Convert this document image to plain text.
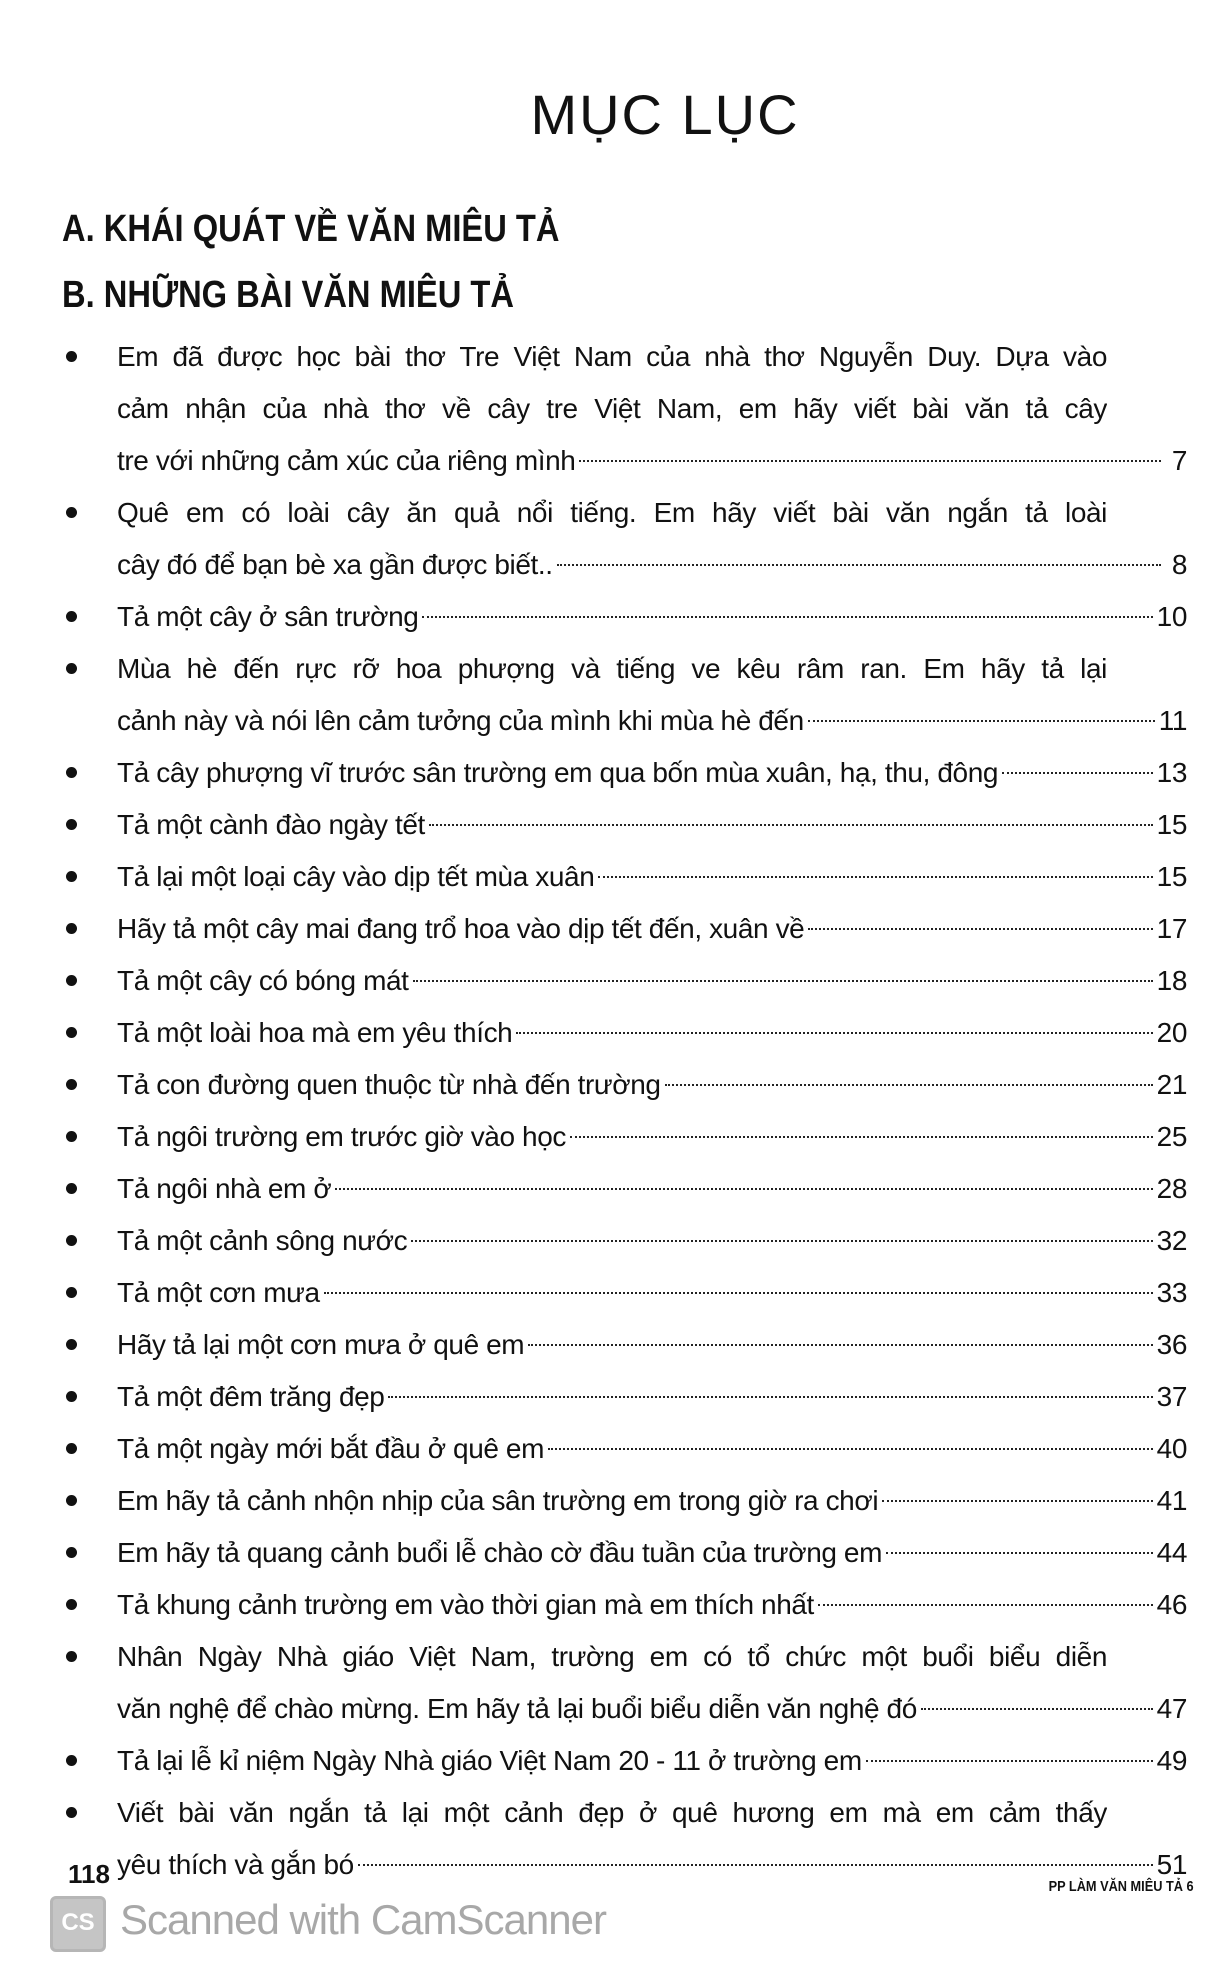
MỤC LỤC
A. KHÁI QUÁT VỀ VĂN MIÊU TẢ
B. NHỮNG BÀI VĂN MIÊU TẢ
Em đã được học bài thơ Tre Việt Nam của nhà thơ Nguyễn Duy. Dựa vào
cảm nhận của nhà thơ về cây tre Việt Nam, em hãy viết bài văn tả cây
tre với những cảm xúc của riêng mình	7
Quê em có loài cây ăn quả nổi tiếng. Em hãy viết bài văn ngắn tả loài
cây đó để bạn bè xa gần được biết..	8
Tả một cây ở sân trường	10
Mùa hè đến rực rỡ hoa phượng và tiếng ve kêu râm ran. Em hãy tả lại
cảnh này và nói lên cảm tưởng của mình khi mùa hè đến	11
Tả cây phượng vĩ trước sân trường em qua bốn mùa xuân, hạ, thu, đông	13
Tả một cành đào ngày tết	15
Tả lại một loại cây vào dịp tết mùa xuân	15
Hãy tả một cây mai đang trổ hoa vào dịp tết đến, xuân về	17
Tả một cây có bóng mát	18
Tả một loài hoa mà em yêu thích	20
Tả con đường quen thuộc từ nhà đến trường	21
Tả ngôi trường em trước giờ vào học	25
Tả ngôi nhà em ở	28
Tả một cảnh sông nước	32
Tả một cơn mưa	33
Hãy tả lại một cơn mưa ở quê em	36
Tả một đêm trăng đẹp	37
Tả một ngày mới bắt đầu ở quê em	40
Em hãy tả cảnh nhộn nhịp của sân trường em trong giờ ra chơi	41
Em hãy tả quang cảnh buổi lễ chào cờ đầu tuần của trường em	44
Tả khung cảnh trường em vào thời gian mà em thích nhất	46
Nhân Ngày Nhà giáo Việt Nam, trường em có tổ chức một buổi biểu diễn
văn nghệ để chào mừng. Em hãy tả lại buổi biểu diễn văn nghệ đó	47
Tả lại lễ kỉ niệm Ngày Nhà giáo Việt Nam 20 - 11 ở trường em	49
Viết bài văn ngắn tả lại một cảnh đẹp ở quê hương em mà em cảm thấy
yêu thích và gắn bó	51
118	PP LÀM VĂN MIÊU TẢ 6
CS Scanned with CamScanner
